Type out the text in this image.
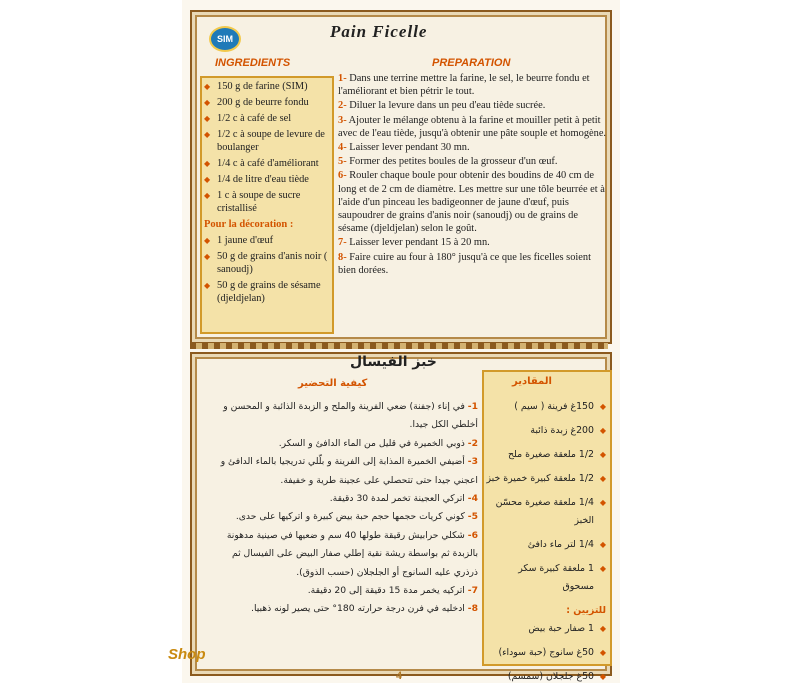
SIM	Pain Ficelle
INGREDIENTS	PREPARATION
◆ 150 g de farine (SIM)
◆ 200 g de beurre fondu
◆ 1/2 c à café de sel
◆ 1/2 c à soupe de levure de boulanger
◆ 1/4 c à café d'améliorant
◆ 1/4 de litre d'eau tiède
◆ 1 c à soupe de sucre cristallisé
Pour la décoration :
◆ 1 jaune d'œuf
◆ 50 g de grains d'anis noir ( sanoudj)
◆ 50 g de grains de sésame (djeldjelan)

1- Dans une terrine mettre la farine, le sel, le beurre fondu et l'améliorant et bien pétrir le tout.

2- Diluer la levure dans un peu d'eau tiède sucrée.

3- Ajouter le mélange obtenu à la farine et mouiller petit à petit avec de l'eau tiède, jusqu'à obtenir une pâte souple et homogène.

4- Laisser lever pendant 30 mn.

5- Former des petites boules de la grosseur d'un œuf.

6- Rouler chaque boule pour obtenir des boudins de 40 cm de long et de 2 cm de diamètre. Les mettre sur une tôle beurrée et à l'aide d'un pinceau les badigeonner de jaune d'œuf, puis saupoudrer de grains d'anis noir (sanoudj) ou de grains de sésame (djeldjelan) selon le goût.

7- Laisser lever pendant 15 à 20 mn.

8- Faire cuire au four à 180° jusqu'à ce que les ficelles soient bien dorées.

خبز الفيسال
كيفية التحضير

1- في إناء (جفنة) ضعي الفرينة والملح و الزبدة الذائبة و المحسن و أخلطي الكل جيدا.

2- ذوبي الخميرة في قليل من الماء الدافئ و السكر.

3- أضيفي الخميرة المذابة إلى الفرينة و بلّلي تدريجيا بالماء الدافئ و اعجني جيدا حتى تتحصلي على عجينة طرية و خفيفة.

4- اتركي العجينة تخمر لمدة 30 دقيقة.

5- كوني كريات حجمها حجم حبة بيض كبيرة و اتركيها على حدى.

6- شكلي حرابيش رقيقة طولها 40 سم و ضعيها في صينية مدهونة بالزبدة ثم بواسطة ريشة نقية إطلي صفار البيض على الفيسال ثم ذرذري عليه السانوج أو الجلجلان (حسب الذوق).

7- اتركيه يخمر مدة 15 دقيقة إلى 20 دقيقة.

8- ادخليه في فرن درجة حرارته 180° حتى يصير لونه ذهبيا.

المقادير
◆ 150غ فرينة ( سيم )
◆ 200غ زبدة ذائبة
◆ 1/2 ملعقة صغيرة ملح
◆ 1/2 ملعقة كبيرة خميرة خبز
◆ 1/4 ملعقة صغيرة محسّن الخبز
◆ 1/4 لتر ماء دافئ
◆ 1 ملعقة كبيرة سكر مسحوق
للتزيين :
◆ 1 صفار حبة بيض
◆ 50غ سانوج (حبة سوداء)
◆ 50غ جلجلان (سمسم)
Shop
4
